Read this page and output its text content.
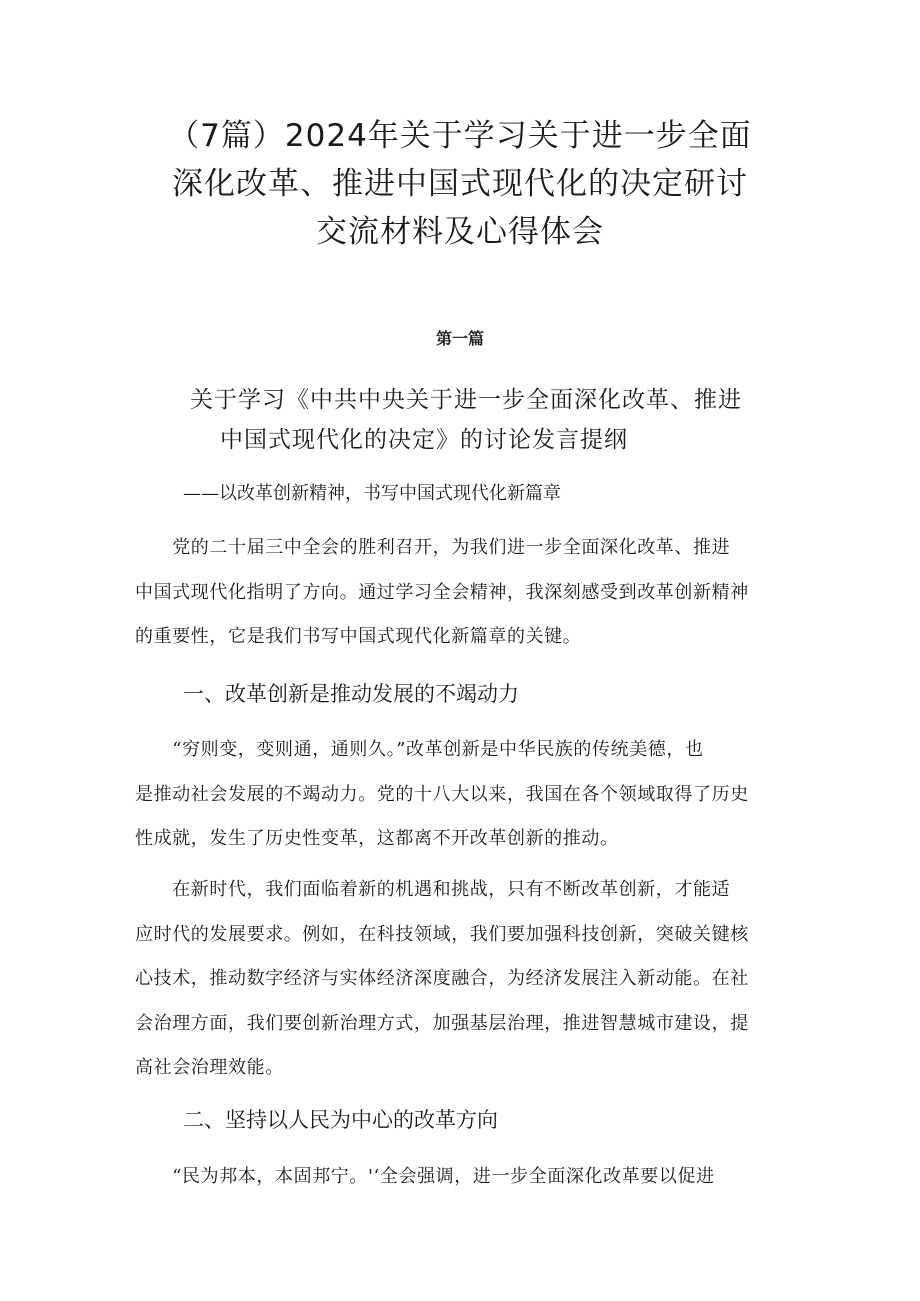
（7篇）2024年关于学习关于进一步全面
深化改革、推进中国式现代化的决定研讨
交流材料及心得体会
第一篇
关于学习《中共中央关于进一步全面深化改革、推进
中国式现代化的决定》的讨论发言提纲
——以改革创新精神，书写中国式现代化新篇章
　　党的二十届三中全会的胜利召开，为我们进一步全面深化改革、推进
中国式现代化指明了方向。通过学习全会精神，我深刻感受到改革创新精神
的重要性，它是我们书写中国式现代化新篇章的关键。
一、改革创新是推动发展的不竭动力
　　“穷则变，变则通，通则久。”改革创新是中华民族的传统美德，也
是推动社会发展的不竭动力。党的十八大以来，我国在各个领域取得了历史
性成就，发生了历史性变革，这都离不开改革创新的推动。
　　在新时代，我们面临着新的机遇和挑战，只有不断改革创新，才能适
应时代的发展要求。例如，在科技领域，我们要加强科技创新，突破关键核
心技术，推动数字经济与实体经济深度融合，为经济发展注入新动能。在社
会治理方面，我们要创新治理方式，加强基层治理，推进智慧城市建设，提
高社会治理效能。
二、坚持以人民为中心的改革方向
　　“民为邦本，本固邦宁。'‘全会强调，进一步全面深化改革要以促进
